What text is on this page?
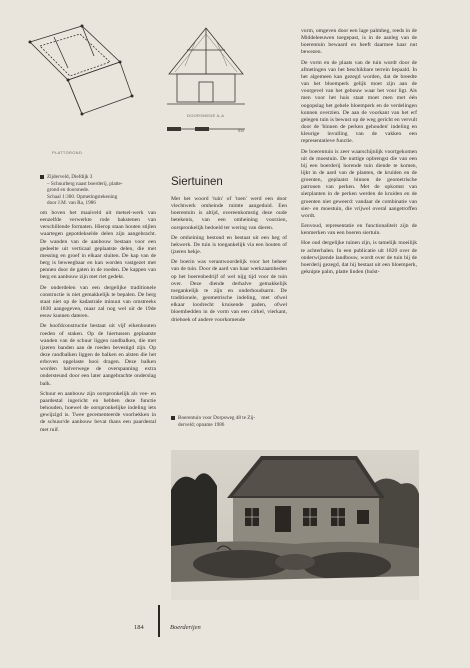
PLATTGROND
DOORSNEDE A-A
5M
Zijderveld, Diefdijk 3
– Schuurberg naast boerderij, platte-
grond en doorsnede.
Schaal 1:300. Opmetingstekening
door J.M. van Ra, 1986

om boven het maaiveld uit metsel-werk van eenzelfde verwerkte rode bakstenen van verschillende formaten. Hierop staan houten stijlen waartegen gepotdekselde delen zijn aangebracht. De wanden van de aanbouw bestaan voor een gedeelte uit verticaal geplaatste delen, die met messing en groef in elkaar sluiten. De kap van de berg is beweegbaar en kan worden vastgezet met pennen door de gaten in de roeden. De kappen van berg en aanbouw zijn met riet gedekt.

De onderdelen van een dergelijke traditionele constructie is niet gemakkelijk te bepalen. De berg staat niet op de kadastrale minuut van omstreeks 1830 aangegeven, maar zal nog wel uit de 19de eeuw kunnen dateren.

De hoofdconstructie bestaat uit vijf eikenhouten roeden of staken. Op de hiertussen geplaatste wanden van de schuur liggen randbalken, die met ijzeren banden aan de roeden bevestigd zijn. Op deze randbalken liggen de balken en alsten die het erboven opgelaste hooi dragen. Deze balken worden halverwege de overspanning extra ondersteund door een later aangebrachte onderslag balk.

Schuur en aanbouw zijn oorspronkelijk als vee- en paardestal ingericht en hebben deze functie behouden, hoewel de oorspronkelijke indeling iets gewijzigd is. Twee gecementeerde voorhekken in de schuur/de aanbouw bevat thans een paardestal met ruif.

Siertuinen

Met het woord 'tuin' of 'toen' werd een door vlechtwerk omheinde ruimte aangeduid. Een boerentuin is altijd, overeenkomstig deze oude betekenis, van een omheining voorzien, oorspronkelijk bedoeld ter wering van dieren.

De omheining bestond en bestaat uit een heg of hekwerk. De tuin is toegankelijk via een houten of ijzeren hekje.

De boerin was verantwoordelijk voor het beheer van de tuin. Door de aard van haar werkzaamheden op het boerenbedrijf of wel nijg tijd voor de tuin over. Deze diende derhalve gemakkelijk toegankelijk te zijn en onderhoudsarm. De traditionele, geometrische indeling, met ofwel elkaar loodrecht kruisende paden, ofwel bloembedden in de vorm van een cirkel, vierkant, driehoek of andere voorkomende

Boerentuin voor Dorpsweg 48 te Zij-
derveld; opname 1986

vorm, omgeven door een lage palmheg, reeds in de Middeleeuwen toegepast, is in de aanleg van de boerentuin bewaard en heeft daarmee haar nut bewezen.

De vorm en de plaats van de tuin wordt door de afmetingen van het beschikbare terrein bepaald. In het algemeen kan gezegd worden, dat de breedte van het bloemperk gelijk moet zijn aan de voorgevel van het gebouw waar het voor ligt. Als men voor het huis staat moet men met één oogopslag het gehele bloemperk en de verdelingen kunnen overzien. De aan de voorkant van het erf gelegen tuin is bewust op de weg gericht en vervult door de 'binnen de perken gehouden' indeling en kleurige invulling van de vakken een representatieve functie.

De boerentuin is zeer waarschijnlijk voortgekomen uit de moestuin. De nuttige opbrengst die van een bij een boerderij horende tuin diende te komen, lijkt in de aard van de planten, de kruiden en de groenten, geplaatst binnen de geometrische patronen van perken. Met de opkomst van sierplanten in de perken werden de kruiden en de groenten niet geweerd: vandaar de combinatie van sier- en moestuin, die vrijwel overal aangetroffen wordt.

Eenvoud, representatie en functionaliteit zijn de kenmerken van een boeren siertuin.

Hoe oud dergelijke tuinen zijn, is tamelijk moeilijk te achterhalen. In een publicatie uit 1820 over de onderwijzende landbouw, wordt over de tuin bij de boerderij gezegd, dat hij bestaat uit een bloemperk, geknipte palm, platte linden (hulst-

184	Boerderijen
